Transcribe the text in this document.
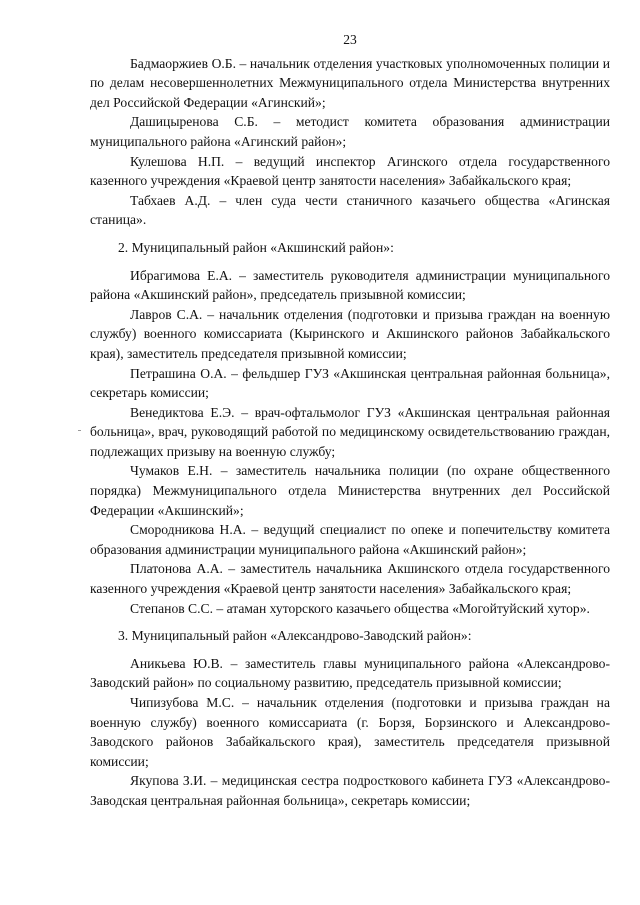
23

Бадмаоржиев О.Б. – начальник отделения участковых уполномоченных полиции и по делам несовершеннолетних Межмуниципального отдела Министерства внутренних дел Российской Федерации «Агинский»;

Дашицыренова С.Б. – методист комитета образования администрации муниципального района «Агинский район»;

Кулешова Н.П. – ведущий инспектор Агинского отдела государственного казенного учреждения «Краевой центр занятости населения» Забайкальского края;

Табхаев А.Д. – член суда чести станичного казачьего общества «Агинская станица».

2. Муниципальный район «Акшинский район»:

Ибрагимова Е.А. – заместитель руководителя администрации муниципального района «Акшинский район», председатель призывной комиссии;

Лавров С.А. – начальник отделения (подготовки и призыва граждан на военную службу) военного комиссариата (Кыринского и Акшинского районов Забайкальского края), заместитель председателя призывной комиссии;

Петрашина О.А. – фельдшер ГУЗ «Акшинская центральная районная больница», секретарь комиссии;

Венедиктова Е.Э. – врач-офтальмолог ГУЗ «Акшинская центральная районная больница», врач, руководящий работой по медицинскому освидетельствованию граждан, подлежащих призыву на военную службу;

Чумаков Е.Н. – заместитель начальника полиции (по охране общественного порядка) Межмуниципального отдела Министерства внутренних дел Российской Федерации «Акшинский»;

Смородникова Н.А. – ведущий специалист по опеке и попечительству комитета образования администрации муниципального района «Акшинский район»;

Платонова А.А. – заместитель начальника Акшинского отдела государственного казенного учреждения «Краевой центр занятости населения» Забайкальского края;

Степанов С.С. – атаман хуторского казачьего общества «Могойтуйский хутор».

3. Муниципальный район «Александрово-Заводский район»:

Аникьева Ю.В. – заместитель главы муниципального района «Александрово-Заводский район» по социальному развитию, председатель призывной комиссии;

Чипизубова М.С. – начальник отделения (подготовки и призыва граждан на военную службу) военного комиссариата (г. Борзя, Борзинского и Александрово-Заводского районов Забайкальского края), заместитель председателя призывной комиссии;

Якупова З.И. – медицинская сестра подросткового кабинета ГУЗ «Александрово-Заводская центральная районная больница», секретарь комиссии;
